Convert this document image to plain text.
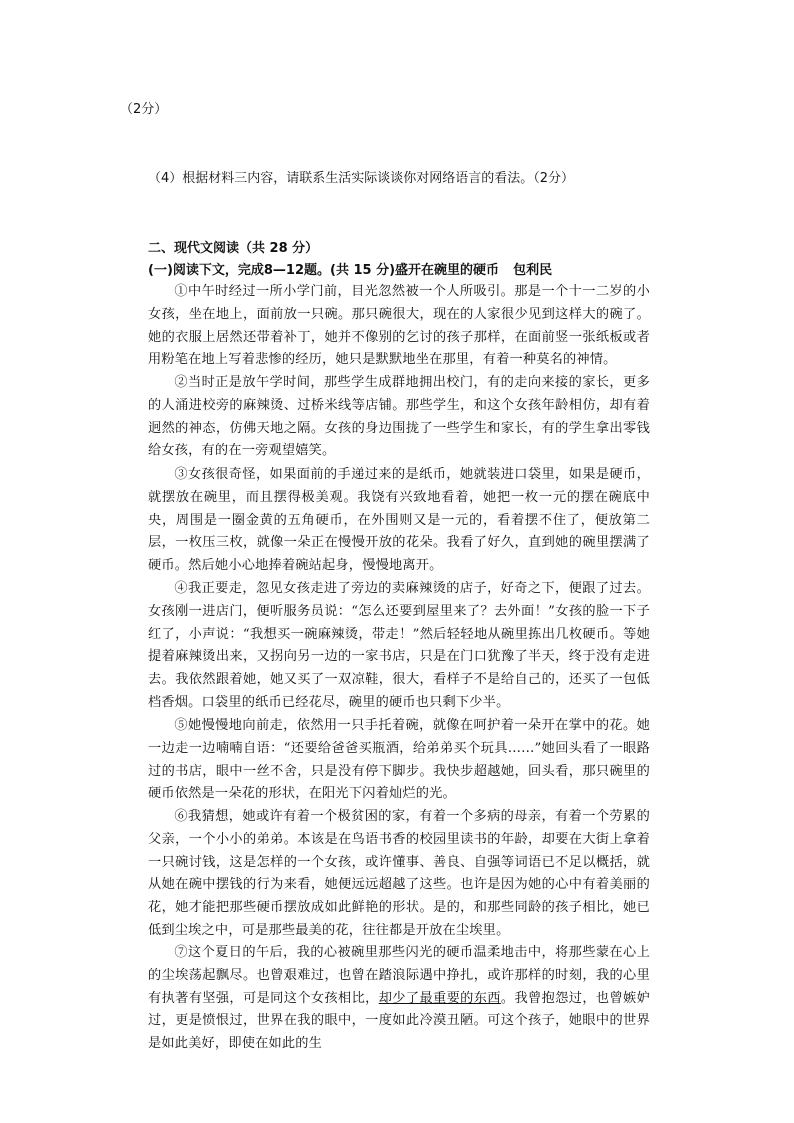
（2分）
（4）根据材料三内容，请联系生活实际谈谈你对网络语言的看法。（2分）
二、现代文阅读（共 28 分）
(一)阅读下文，完成8—12题。(共 15 分)盛开在碗里的硬币 包利民
①中午时经过一所小学门前，目光忽然被一个人所吸引。那是一个十一二岁的小女孩，坐在地上，面前放一只碗。那只碗很大，现在的人家很少见到这样大的碗了。她的衣服上居然还带着补丁，她并不像别的乞讨的孩子那样，在面前竖一张纸板或者用粉笔在地上写着悲惨的经历，她只是默默地坐在那里，有着一种莫名的神情。
②当时正是放午学时间，那些学生成群地拥出校门，有的走向来接的家长，更多的人涌进校旁的麻辣烫、过桥米线等店铺。那些学生，和这个女孩年龄相仿，却有着迥然的神态，仿佛天地之隔。女孩的身边围拢了一些学生和家长，有的学生拿出零钱给女孩，有的在一旁观望嬉笑。
③女孩很奇怪，如果面前的手递过来的是纸币，她就装进口袋里，如果是硬币，就摆放在碗里，而且摆得极美观。我饶有兴致地看着，她把一枚一元的摆在碗底中央，周围是一圈金黄的五角硬币，在外围则又是一元的，看着摆不住了，便放第二层，一枚压三枚，就像一朵正在慢慢开放的花朵。我看了好久，直到她的碗里摆满了硬币。然后她小心地捧着碗站起身，慢慢地离开。
④我正要走，忽见女孩走进了旁边的卖麻辣烫的店子，好奇之下，便跟了过去。女孩刚一进店门，便听服务员说：“怎么还要到屋里来了？去外面！”女孩的脸一下子红了，小声说：“我想买一碗麻辣烫，带走！”然后轻轻地从碗里拣出几枚硬币。等她提着麻辣烫出来，又拐向另一边的一家书店，只是在门口犹豫了半天，终于没有走进去。我依然跟着她，她又买了一双凉鞋，很大，看样子不是给自己的，还买了一包低档香烟。口袋里的纸币已经花尽，碗里的硬币也只剩下少半。
⑤她慢慢地向前走，依然用一只手托着碗，就像在呵护着一朵开在掌中的花。她一边走一边喃喃自语：“还要给爸爸买瓶酒，给弟弟买个玩具……”她回头看了一眼路过的书店，眼中一丝不舍，只是没有停下脚步。我快步超越她，回头看，那只碗里的硬币依然是一朵花的形状，在阳光下闪着灿烂的光。
⑥我猜想，她或许有着一个极贫困的家，有着一个多病的母亲，有着一个劳累的父亲，一个小小的弟弟。本该是在鸟语书香的校园里读书的年龄，却要在大街上拿着一只碗讨钱，这是怎样的一个女孩，或许懂事、善良、自强等词语已不足以概括，就从她在碗中摆钱的行为来看，她便远远超越了这些。也许是因为她的心中有着美丽的花，她才能把那些硬币摆放成如此鲜艳的形状。是的，和那些同龄的孩子相比，她已低到尘埃之中，可是那些最美的花，往往都是开放在尘埃里。
⑦这个夏日的午后，我的心被碗里那些闪光的硬币温柔地击中，将那些蒙在心上的尘埃荡起飘尽。也曾艰难过，也曾在踏浪际遇中挣扎，或许那样的时刻，我的心里有执著有坚强，可是同这个女孩相比，却少了最重要的东西。我曾抱怨过，也曾嫉妒过，更是愤恨过，世界在我的眼中，一度如此冷漠丑陋。可这个孩子，她眼中的世界是如此美好，即使在如此的生
